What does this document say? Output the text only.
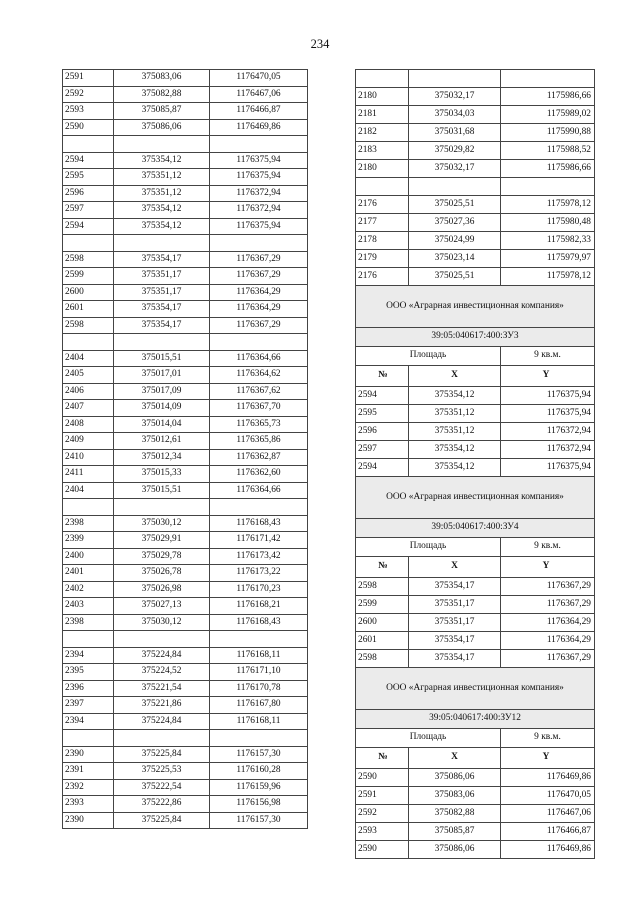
234
2591	375083,06	1176470,05
2592	375082,88	1176467,06
2593	375085,87	1176466,87
2590	375086,06	1176469,86

2594	375354,12	1176375,94
2595	375351,12	1176375,94
2596	375351,12	1176372,94
2597	375354,12	1176372,94
2594	375354,12	1176375,94

2598	375354,17	1176367,29
2599	375351,17	1176367,29
2600	375351,17	1176364,29
2601	375354,17	1176364,29
2598	375354,17	1176367,29

2404	375015,51	1176364,66
2405	375017,01	1176364,62
2406	375017,09	1176367,62
2407	375014,09	1176367,70
2408	375014,04	1176365,73
2409	375012,61	1176365,86
2410	375012,34	1176362,87
2411	375015,33	1176362,60
2404	375015,51	1176364,66

2398	375030,12	1176168,43
2399	375029,91	1176171,42
2400	375029,78	1176173,42
2401	375026,78	1176173,22
2402	375026,98	1176170,23
2403	375027,13	1176168,21
2398	375030,12	1176168,43

2394	375224,84	1176168,11
2395	375224,52	1176171,10
2396	375221,54	1176170,78
2397	375221,86	1176167,80
2394	375224,84	1176168,11

2390	375225,84	1176157,30
2391	375225,53	1176160,28
2392	375222,54	1176159,96
2393	375222,86	1176156,98
2390	375225,84	1176157,30

2180	375032,17	1175986,66
2181	375034,03	1175989,02
2182	375031,68	1175990,88
2183	375029,82	1175988,52
2180	375032,17	1175986,66

2176	375025,51	1175978,12
2177	375027,36	1175980,48
2178	375024,99	1175982,33
2179	375023,14	1175979,97
2176	375025,51	1175978,12
ООО «Аграрная инвестиционная компания»		
39:05:040617:400:ЗУ3		
Площадь		9 кв.м.
№	X	Y
2594	375354,12	1176375,94
2595	375351,12	1176375,94
2596	375351,12	1176372,94
2597	375354,12	1176372,94
2594	375354,12	1176375,94
ООО «Аграрная инвестиционная компания»		
39:05:040617:400:ЗУ4		
Площадь		9 кв.м.
№	X	Y
2598	375354,17	1176367,29
2599	375351,17	1176367,29
2600	375351,17	1176364,29
2601	375354,17	1176364,29
2598	375354,17	1176367,29
ООО «Аграрная инвестиционная компания»		
39:05:040617:400:ЗУ12		
Площадь		9 кв.м.
№	X	Y
2590	375086,06	1176469,86
2591	375083,06	1176470,05
2592	375082,88	1176467,06
2593	375085,87	1176466,87
2590	375086,06	1176469,86
